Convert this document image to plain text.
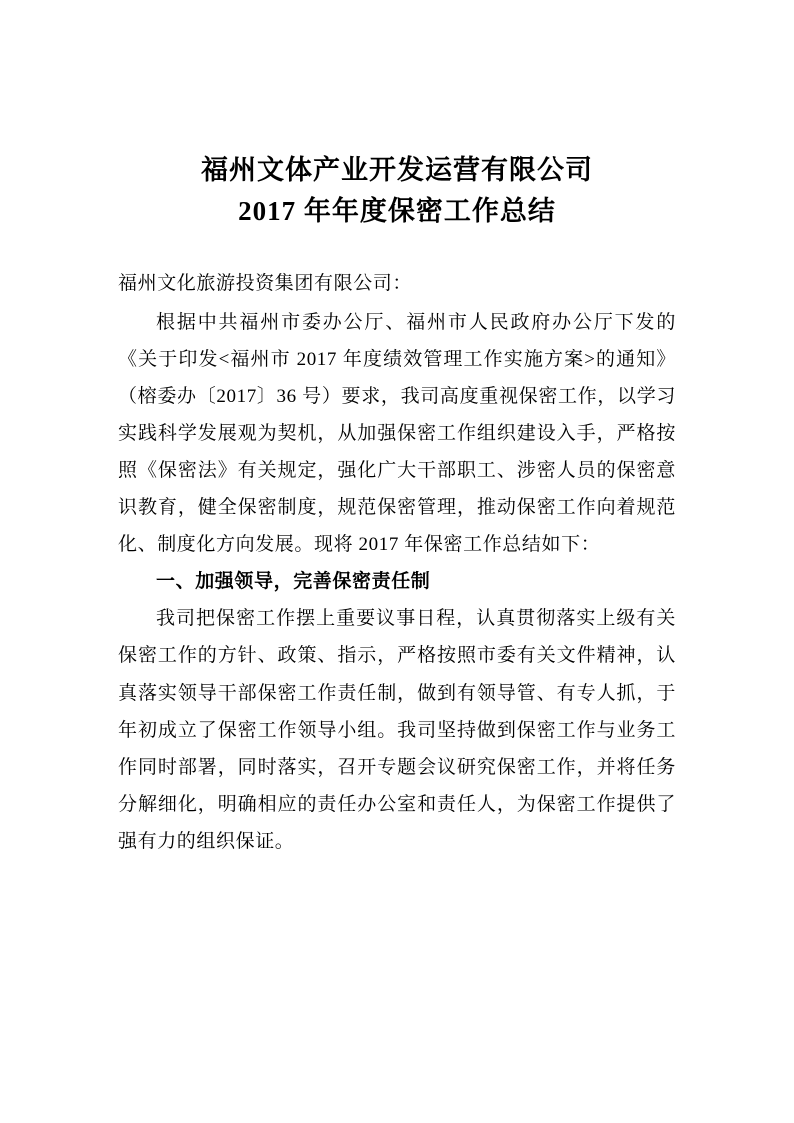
福州文体产业开发运营有限公司
2017 年年度保密工作总结
福州文化旅游投资集团有限公司：

根据中共福州市委办公厅、福州市人民政府办公厅下发的《关于印发<福州市 2017 年度绩效管理工作实施方案>的通知》（榕委办〔2017〕36 号）要求，我司高度重视保密工作，以学习实践科学发展观为契机，从加强保密工作组织建设入手，严格按照《保密法》有关规定，强化广大干部职工、涉密人员的保密意识教育，健全保密制度，规范保密管理，推动保密工作向着规范化、制度化方向发展。现将 2017 年保密工作总结如下：

一、加强领导，完善保密责任制

我司把保密工作摆上重要议事日程，认真贯彻落实上级有关保密工作的方针、政策、指示，严格按照市委有关文件精神，认真落实领导干部保密工作责任制，做到有领导管、有专人抓，于年初成立了保密工作领导小组。我司坚持做到保密工作与业务工作同时部署，同时落实，召开专题会议研究保密工作，并将任务分解细化，明确相应的责任办公室和责任人，为保密工作提供了强有力的组织保证。
